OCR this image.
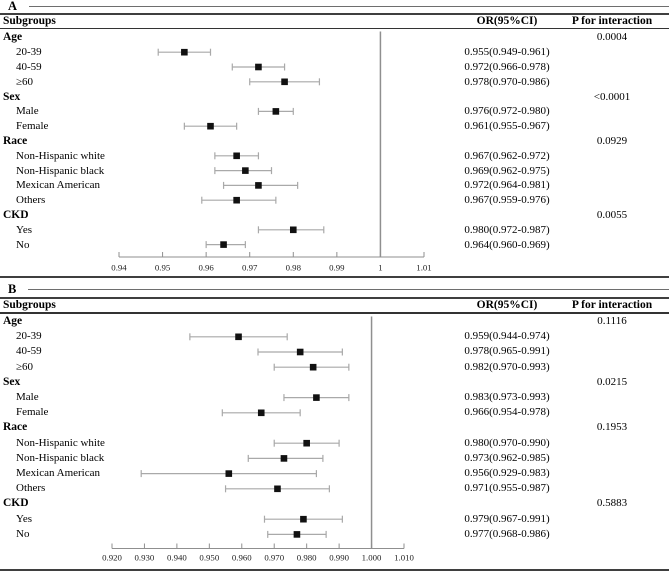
A
Subgroups	OR(95%CI)	P for interaction
Age	0.0004
20-39	0.955(0.949-0.961)
40-59	0.972(0.966-0.978)
≥60	0.978(0.970-0.986)
Sex	<0.0001
Male	0.976(0.972-0.980)
Female	0.961(0.955-0.967)
Race	0.0929
Non-Hispanic white	0.967(0.962-0.972)
Non-Hispanic black	0.969(0.962-0.975)
Mexican American	0.972(0.964-0.981)
Others	0.967(0.959-0.976)
CKD	0.0055
Yes	0.980(0.972-0.987)
No	0.964(0.960-0.969)
0.94	0.95	0.96	0.97	0.98	0.99	1	1.01
B
Subgroups	OR(95%CI)	P for interaction
Age	0.1116
20-39	0.959(0.944-0.974)
40-59	0.978(0.965-0.991)
≥60	0.982(0.970-0.993)
Sex	0.0215
Male	0.983(0.973-0.993)
Female	0.966(0.954-0.978)
Race	0.1953
Non-Hispanic white	0.980(0.970-0.990)
Non-Hispanic black	0.973(0.962-0.985)
Mexican American	0.956(0.929-0.983)
Others	0.971(0.955-0.987)
CKD	0.5883
Yes	0.979(0.967-0.991)
No	0.977(0.968-0.986)
0.920 0.930 0.940 0.950 0.960 0.970 0.980 0.990 1.000 1.010
